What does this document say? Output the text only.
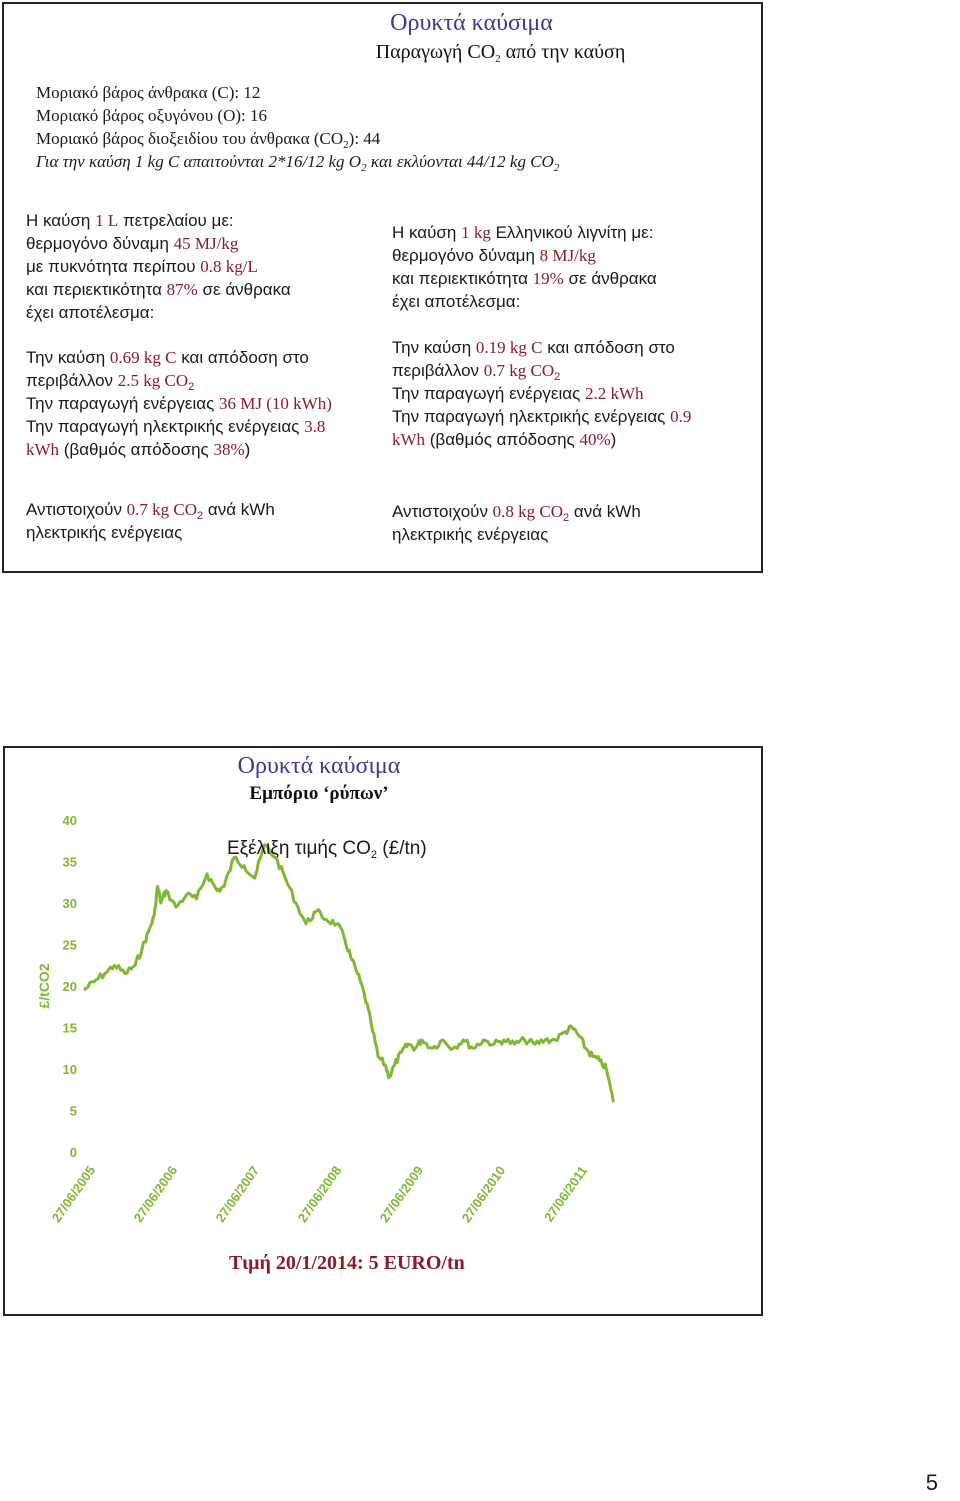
Ορυκτά καύσιμα
Παραγωγή $CO_2$ από την καύση
Μοριακό βάρος άνθρακα (C): 12
Μοριακό βάρος οξυγόνου (O): 16
Μοριακό βάρος διοξειδίου του άνθρακα $(CO_2)$: 44
Για την καύση 1 kg C απαιτούνται 2*16/12 kg $O_2$ και εκλύονται 44/12 kg $CO_2$
Η καύση 1 L πετρελαίου με:
θερμογόνο δύναμη 45 MJ/kg
με πυκνότητα περίπου 0.8 kg/L
και περιεκτικότητα 87% σε άνθρακα
έχει αποτέλεσμα:
Την καύση 0.69 kg C και απόδοση στο
περιβάλλον 2.5 kg $CO_2$
Την παραγωγή ενέργειας 36 MJ (10 kWh)
Την παραγωγή ηλεκτρικής ενέργειας 3.8
kWh (βαθμός απόδοσης 38%)
Αντιστοιχούν 0.7 kg $CO_2$ ανά kWh
ηλεκτρικής ενέργειας
Η καύση 1 kg Ελληνικού λιγνίτη με:
θερμογόνο δύναμη 8 MJ/kg
και περιεκτικότητα 19% σε άνθρακα
έχει αποτέλεσμα:
Την καύση 0.19 kg C και απόδοση στο
περιβάλλον 0.7 kg $CO_2$
Την παραγωγή ενέργειας 2.2 kWh
Την παραγωγή ηλεκτρικής ενέργειας 0.9
kWh (βαθμός απόδοσης 40%)
Αντιστοιχούν 0.8 kg $CO_2$ ανά kWh
ηλεκτρικής ενέργειας
0
5
10
15
20
25
30
35
40
£/tCO2
27/06/2005 27/06/2006 27/06/2007	27/06/2008 27/06/2009 27/06/2010	27/06/2011
Ορυκτά καύσιμα
Εμπόριο ‘ρύπων’
Εξέλιξη τιμής $CO_2$ (£/tn)
Τιμή 20/1/2014: 5 EURO/tn
5
